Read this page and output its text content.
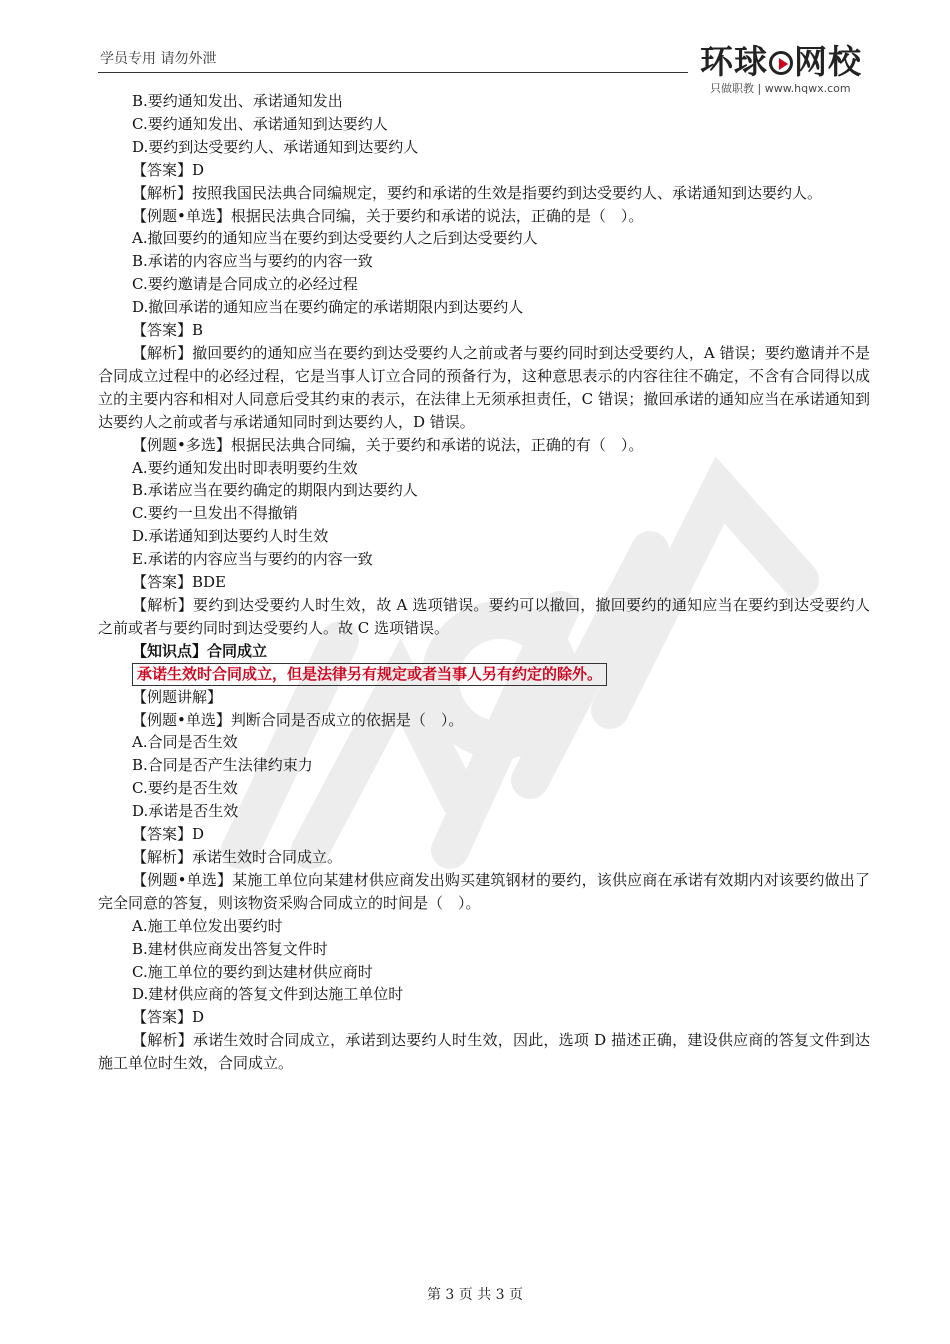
学员专用 请勿外泄	环球 网校
只做职教 | www.hqwx.com

B.要约通知发出、承诺通知发出

C.要约通知发出、承诺通知到达要约人

D.要约到达受要约人、承诺通知到达要约人

【答案】D

【解析】按照我国民法典合同编规定，要约和承诺的生效是指要约到达受要约人、承诺通知到达要约人。

【例题•单选】根据民法典合同编，关于要约和承诺的说法，正确的是（　）。

A.撤回要约的通知应当在要约到达受要约人之后到达受要约人

B.承诺的内容应当与要约的内容一致

C.要约邀请是合同成立的必经过程

D.撤回承诺的通知应当在要约确定的承诺期限内到达要约人

【答案】B

【解析】撤回要约的通知应当在要约到达受要约人之前或者与要约同时到达受要约人，A 错误；要约邀请并不是合同成立过程中的必经过程，它是当事人订立合同的预备行为，这种意思表示的内容往往不确定，不含有合同得以成立的主要内容和相对人同意后受其约束的表示，在法律上无须承担责任，C 错误；撤回承诺的通知应当在承诺通知到达要约人之前或者与承诺通知同时到达要约人，D 错误。

【例题•多选】根据民法典合同编，关于要约和承诺的说法，正确的有（　）。

A.要约通知发出时即表明要约生效

B.承诺应当在要约确定的期限内到达要约人

C.要约一旦发出不得撤销

D.承诺通知到达要约人时生效

E.承诺的内容应当与要约的内容一致

【答案】BDE

【解析】要约到达受要约人时生效，故 A 选项错误。要约可以撤回，撤回要约的通知应当在要约到达受要约人之前或者与要约同时到达受要约人。故 C 选项错误。

【知识点】合同成立

承诺生效时合同成立，但是法律另有规定或者当事人另有约定的除外。

【例题讲解】

【例题•单选】判断合同是否成立的依据是（　）。

A.合同是否生效

B.合同是否产生法律约束力

C.要约是否生效

D.承诺是否生效

【答案】D

【解析】承诺生效时合同成立。

【例题•单选】某施工单位向某建材供应商发出购买建筑钢材的要约，该供应商在承诺有效期内对该要约做出了完全同意的答复，则该物资采购合同成立的时间是（　）。

A.施工单位发出要约时

B.建材供应商发出答复文件时

C.施工单位的要约到达建材供应商时

D.建材供应商的答复文件到达施工单位时

【答案】D

【解析】承诺生效时合同成立，承诺到达要约人时生效，因此，选项 D 描述正确，建设供应商的答复文件到达施工单位时生效，合同成立。

第 3 页 共 3 页
